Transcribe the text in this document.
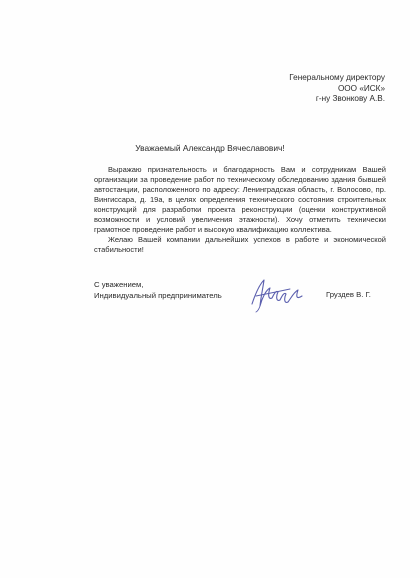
Генеральному директору
ООО «ИСК»
г-ну Звонкову А.В.
Уважаемый Александр Вячеславович!

Выражаю признательность и благодарность Вам и сотрудникам Вашей организации за проведение работ по техническому обследованию здания бывшей автостанции, расположенного по адресу: Ленинградская область, г. Волосово, пр. Вингиссара, д. 19а, в целях определения технического состояния строительных конструкций для разработки проекта реконструкции (оценки конструктивной возможности и условий увеличения этажности). Хочу отметить технически грамотное проведение работ и высокую квалификацию коллектива.

Желаю Вашей компании дальнейших успехов в работе и экономической стабильности!

С уважением,
Индивидуальный предприниматель	Груздев В. Г.
